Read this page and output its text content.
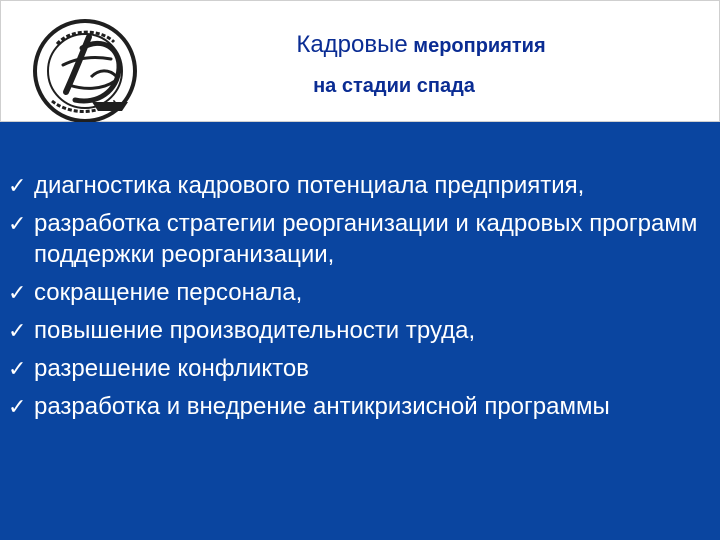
Кадровые мероприятия
на стадии спада
✓ диагностика кадрового потенциала предприятия,
✓ разработка стратегии реорганизации и кадровых программ поддержки реорганизации,
✓ сокращение персонала,
✓ повышение производительности труда,
✓ разрешение конфликтов
✓ разработка и внедрение антикризисной программы
